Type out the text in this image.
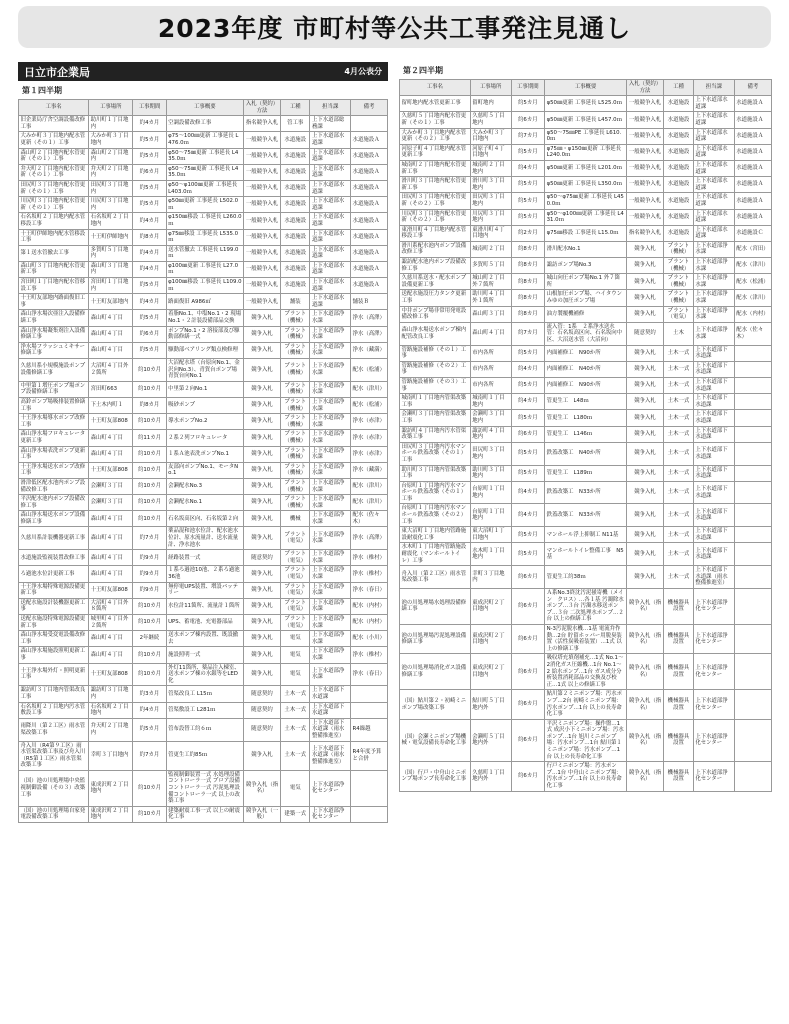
2023年度 市町村等公共工事発注見通し
日立市企業局	4月公表分
第１四半期
工事名	工事場所	工事期間	工事概要	入札（契約）方法	工種	担当課	備考
旧企業局庁舎空調設備改修工事	助川町１丁目地内	約4カ月	空調設備改修工事	指名競争入札	管工事	上下水道部総務課	
大みか町３丁目地内配水管更新（その１）工事	大みか町３丁目地内	約5カ月	φ75～100㎜更新 工事延長 L476.0ｍ	一般競争入札	水道施設	上下水道部水道課	水道施設Ａ
森山町２丁目地内配水管更新（その１）工事	森山町２丁目地内	約5カ月	φ50～75㎜更新 工事延長 L435.0ｍ	一般競争入札	水道施設	上下水道部水道課	水道施設Ａ
弁天町２丁目地内配水管更新（その１）工事	弁天町２丁目地内	約6カ月	φ50～75㎜更新 工事延長 L435.0ｍ	一般競争入札	水道施設	上下水道部水道課	水道施設Ａ
田尻町３丁目地内配水管更新（その１）工事	田尻町３丁目地内	約5カ月	φ50～φ100㎜更新 工事延長 L403.0ｍ	一般競争入札	水道施設	上下水道部水道課	水道施設Ａ
川尻町３丁目地内配水管更新（その１）工事	川尻町３丁目地内	約5カ月	φ50㎜更新 工事延長 L502.0ｍ	一般競争入札	水道施設	上下水道部水道課	水道施設Ａ
石名坂町２丁目地内配水管移設工事	石名坂町２丁目地内	約4カ月	φ150㎜移設 工事延長 L260.0ｍ	一般競争入札	水道施設	上下水道部水道課	水道施設Ａ
十王町伊師地内配水管移設工事	十王町伊師地内	約8カ月	φ75㎜移設 工事延長 L535.0ｍ	一般競争入札	水道施設	上下水道部水道課	水道施設Ａ
第１送水管撤去工事	多賀町５丁目地内	約4カ月	送水管撤去 工事延長 L199.0ｍ	一般競争入札	水道施設	上下水道部水道課	水道施設Ａ
森山町３丁目地内配水管更新工事	森山町３丁目地内	約4カ月	φ100㎜更新 工事延長 L27.0ｍ	一般競争入札	水道施設	上下水道部水道課	水道施設Ａ
宮田町１丁目地内配水管移設工事	宮田町１丁目地内	約5カ月	φ100㎜移設 工事延長 L109.0ｍ	一般競争入札	水道施設	上下水道部水道課	水道施設Ａ
十王町友部地内路面復旧工事	十王町友部地内	約4カ月	路面復旧 A986㎡	一般競争入札	舗装	上下水道部水道課	舗装Ｂ
森山浄水場次亜注入設備修繕工事	森山町４丁目	約5カ月	着脂No.1、中塩No.1・2 現場No.1・２計装設備部品交換	競争入札	プラント（機械）	上下水道部浄水課	浄水（高澤）
森山浄水場凝集剤注入設備修繕工事	森山町４丁目	約6カ月	ポンプNo.1・2 溶接部及び駆動部修繕一式	競争入札	プラント（機械）	上下水道部浄水課	浄水（高澤）
浄水場フラッシュミキサー修繕工事	森山町４丁目	約5カ月	駆動部ベアリング類点検修理	競争入札	プラント（機械）	上下水道部浄水課	浄水（藏満）
久慈川系小規模施設ポンプ設備修繕工事	大沼町４丁目外２箇所	約10カ月	大沼配水塔（台原向No.1、金沢向No.3）、青賀台ポンプ場青賀台向No.1	競争入札	プラント（機械）	上下水道部浄水課	配水（松浦）
中里第１増圧ポンプ場ポンプ設備修繕工事	宮田町663	約10カ月	中里第２向No.1	競争入札	プラント（機械）	上下水道部浄水課	配水（津川）
高鈴ポンプ場吸排装置修繕工事	下土木内町１	約8カ月	吸砂ポンプ	競争入札	プラント（機械）	上下水道部浄水課	配水（松浦）
十王浄水場導水ポンプ改修工事	十王町友部808	約10カ月	導水ポンプNo.2	競争入札	プラント（機械）	上下水道部浄水課	浄水（赤津）
森山浄水場フロキュレータ更新工事	森山町４丁目	約11カ月	２系２列フロキュレータ	競争入札	プラント（機械）	上下水道部浄水課	浄水（赤津）
森山浄水場表洗ポンプ更新工事	森山町４丁目	約10カ月	１系Ａ池表洗ポンプNo.1	競争入札	プラント（機械）	上下水道部浄水課	浄水（赤津）
十王浄水場送水ポンプ改修工事	十王町友部808	約10カ月	友部向ポンプNo.1、モータNo.1	競争入札	プラント（機械）	上下水道部浄水課	浄水（藏満）
滑津低区配水池内ポンプ設備改修工事	会瀬町３丁目	約10カ月	会瀬配水No.3	競争入札	プラント（機械）	上下水道部浄水課	配水（津川）
平沢配水池内ポンプ設備改修工事	会瀬町３丁目	約10カ月	会瀬配水No.1	競争入札	プラント（機械）	上下水道部浄水課	配水（津川）
森山浄水場送水ポンプ設備修繕工事	森山町４丁目	約10カ月	石名坂高区向、石名坂第２向	競争入札	機械	上下水道部浄水課	配水（佐々木）
久慈川系計装機器更新工事	森山町４丁目	約7カ月	薬品混和池水位計、配水池水位計、原水流量計、送水流量計、浄水池水	競争入札	プラント（電気）	上下水道部浄水課	浄水（高澤）
水道施設監視装置改修工事	森山町４丁目	約9カ月	経路装置一式	随意契約	プラント（電気）	上下水道部浄水課	浄水（椎村）
ろ過池水位計更新工事	森山町４丁目	約9カ月	１系ろ過池10池、２系ろ過池36池	競争入札	プラント（電気）	上下水道部浄水課	浄水（椎村）
十王浄水場特殊電源設備更新工事	十王町友部808	約9カ月	無停電UPS装置、増設バッテリー	競争入札	プラント（電気）	上下水道部浄水課	浄水（春日）
送配水施設計装機器更新工事	大沼町４丁目外８箇所	約10カ月	水位計11箇所、流量計１箇所	競争入札	プラント（電気）	上下水道部浄水課	配水（内村）
送配水施設特殊電源設備更新工事	城里町４丁目外２箇所	約10カ月	UPS、蓄電池、充電器部品	競争入札	プラント（電気）	上下水道部浄水課	配水（内村）
森山浄水場受変電設備改修工事	森山町４丁目	2年継続	送水ポンプ棟内設置、既設撤去	競争入札	電気	上下水道部浄水課	配水（小川）
森山浄水場施設照明更新工事	森山町４丁目	約10カ月	施設照明一式	競争入札	電気	上下水道部浄水課	浄水（椎村）
十王浄水場外灯・照明更新工事	十王町友部808	約10カ月	外灯11箇所、薬品注入棟室、送水ポンプ棟の水銀等をLED化	競争入札	電気	上下水道部浄水課	浄水（春日）
諏訪町３丁目地内管渠改良工事	諏訪町３丁目地内	約3カ月	管渠改良工 L15ｍ	随意契約	土木一式	上下水道部下水道課	
石名坂町２丁目地内汚水管敷設工事	石名坂町２丁目地内	約4カ月	管渠敷設工 L281ｍ	随意契約	土木一式	上下水道部下水道課	
雨降川（第２工区）雨水管渠改築工事	弁天町２丁目地内	約5カ月	管布設替工約６ｍ	随意契約	土木一式	上下水道部下水道課（雨水整備推進室）	R4繰越
舟入川（R4第９工区）雨水管渠改築工事及び舟入川（R5第１工区）雨水管渠改築工事	幸町３丁目地内	約7カ月	管更生工約85ｍ	競争入札	土木一式	上下水道部下水道課（雨水整備推進室）	R4年度予算と合併
（国）池の川処理場中央監視制御設備（その３）改築工事	東成沢町２丁目地内	約10カ月	監視制御装置一式 水処理設備コントローラ一式 プロア設備コントローラ一式 汚泥処理設備コントローラ一式 以上の改築工事	競争入札（指名）	電気	上下水道部浄化センター	
（国）池の川処理場自家発電設備改築工事	東成沢町２丁目地内	約10カ月	建築耐震工事一式 以上の耐震化工事	競争入札（一般）	建築一式	上下水道部浄化センター	
第２四半期
工事名	工事場所	工事期間	工事概要	入札（契約）方法	工種	担当課	備考
留町地内配水管更新工事	留町地内	約5カ月	φ50㎜更新 工事延長 L525.0ｍ	一般競争入札	水道施設	上下水道部水道課	水道施設Ａ
久慈町５丁目地内配水管更新（その１）工事	久慈町５丁目地内	約6カ月	φ50㎜更新 工事延長 L457.0ｍ	一般競争入札	水道施設	上下水道部水道課	水道施設Ａ
大みか町３丁目地内配水管更新（その２）工事	大みか町３丁目地内	約7カ月	φ50～75㎜PE 工事延長 L610.0ｍ	一般競争入札	水道施設	上下水道部水道課	水道施設Ａ
河原子町４丁目地内配水管更新工事	河原子町４丁目地内	約5カ月	φ75㎜・φ150㎜更新 工事延長 L240.0ｍ	一般競争入札	水道施設	上下水道部水道課	水道施設Ａ
城南町２丁目地内配水管更新工事	城南町２丁目地内	約4カ月	φ50㎜更新 工事延長 L201.0ｍ	一般競争入札	水道施設	上下水道部水道課	水道施設Ａ
滑川町３丁目地内配水管更新工事	滑川町３丁目地内	約5カ月	φ50㎜更新 工事延長 L350.0ｍ	一般競争入札	水道施設	上下水道部水道課	水道施設Ａ
田尻町３丁目地内配水管更新（その２）工事	田尻町３丁目地内	約5カ月	φ50～φ75㎜更新 工事延長 L450.0ｍ	一般競争入札	水道施設	上下水道部水道課	水道施設Ａ
川尻町３丁目地内配水管更新（その２）工事	川尻町３丁目地内	約5カ月	φ50～φ100㎜更新 工事延長 L431.0ｍ	一般競争入札	水道施設	上下水道部水道課	水道施設Ａ
東滑川町４丁目地内配水管移設工事	東滑川町４丁目地内	約2カ月	φ75㎜移設 工事延長 L15.0ｍ	指名競争入札	水道施設	上下水道部水道課	水道施設Ｃ
滑川系配水池内ポンプ設備改修工事	城南町２丁目	約8カ月	滑川配水No.1	競争入札	プラント（機械）	上下水道部浄水課	配水（宮田）
諏訪配水池内ポンプ設備改修工事	多賀町５丁目	約8カ月	諏訪ポンプ場No.3	競争入札	プラント（機械）	上下水道部浄水課	配水（津川）
久慈川系送水・配水ポンプ設備更新工事	城山町２丁目外７箇所	約8カ月	城山向圧ポンプ場No.1 外７箇所	競争入札	プラント（機械）	上下水道部浄水課	配水（松浦）
送配水施設圧力タンク更新工事	助川町４丁目外１箇所	約8カ月	山根加圧ポンプ場、ハイタウンみゆの加圧ポンプ場	競争入札	プラント（機械）	上下水道部浄水課	配水（津川）
中井ポンプ場非常用発電設備改修工事	森山町３丁目	約8カ月	油方製覆機補修	競争入札	プラント（電気）	上下水道部浄水課	配水（内村）
森山浄水場送水ポンプ棟内配管改良工事	森山町４丁目	約7カ月	流入管：1系　２系浄水送水管：石名坂高区向、石名坂向中区、大沼送水管（大沼向）	随意契約	土木	上下水道部浄水課	配水（佐々木）
管路施設補修（その１）工事	市内各所	約5カ月	内面補修工　N90か所	競争入札	土木一式	上下水道部下水道課	
管路施設補修（その２）工事	市内各所	約4カ月	内面補修工　N40か所	競争入札	土木一式	上下水道部下水道課	
管路施設補修（その３）工事	市内各所	約5カ月	内面補修工　N90か所	競争入札	土木一式	上下水道部下水道課	
城南町１丁目地内管渠改築工事	城南町１丁目地内	約4カ月	管更生工　L48ｍ	競争入札	土木一式	上下水道部下水道課	
会瀬町３丁目地内管渠改築工事	会瀬町３丁目地内	約5カ月	管更生工　L180ｍ	競争入札	土木一式	上下水道部下水道課	
諏訪町４丁目地内汚水管渠改築工事	諏訪町４丁目地内	約6カ月	管更生工　L146ｍ	競争入札	土木一式	上下水道部下水道課	
田尻町３丁目地内汚水マンホール鉄蓋改築（その１）工事	田尻町３丁目地内	約5カ月	鉄蓋改築工　N40か所	競争入札	土木一式	上下水道部下水道課	
助川町３丁目地内管渠改築工事	助川町３丁目地内	約5カ月	管更生工　L189ｍ	競争入札	土木一式	上下水道部下水道課	
台原町１丁目地内汚水マンホール鉄蓋改築（その１）工事	台原町１丁目地内	約4カ月	鉄蓋改築工　N33か所	競争入札	土木一式	上下水道部下水道課	
台原町１丁目地内汚水マンホール鉄蓋改築（その２）工事	台原町１丁目地内	約4カ月	鉄蓋改築工　N33か所	競争入札	土木一式	上下水道部下水道課	
東大沼町１丁目地内管路施設耐震化工事	東大沼町１丁目地内	約5カ月	マンホール浮上抑制工 N11基	競争入札	土木一式	上下水道部下水道課	
水木町１丁目地内管路施設耐震化（マンホールトイレ）工事	水木町１丁目地内	約5カ月	マンホールトイレ整備工事　N5基	競争入札	土木一式	上下水道部下水道課	
舟入川（第２工区）雨水管渠改築工事	幸町３丁目地内	約6カ月	管更生工約38ｍ	競争入札	土木一式	上下水道部下水道課（雨水整備推進室）	
池の川処理場水処理設備修繕工事	東成沢町２丁目地内	約6カ月	Ａ系No.3終沈汚泥掻寄機（メイン　クロス）…各１基 汚濁除水ポンプ…３台 汚濁水移送ポンプ…３台 二次処理水ポンプ…２台 以上の修繕工事	競争入札（指名）	機械器具設置	上下水道部浄化センター	
池の川処理場汚泥処理設備修繕工事	東成沢町２丁目地内	約6カ月	N-3汚泥脱水機…1基 電流弁作動…2台 貯留ホッパー用脱臭装置（活性炭吸着装置）…1式 以上の修繕工事	競争入札（指名）	機械器具設置	上下水道部浄化センター	
池の川処理場消化ガス設備修繕工事	東成沢町２丁目地内	約6カ月	吸収塔充填剤補充…1式 No.1～2消化ガス圧縮機…1台 No.1～2 給水ポンプ…1台 ガス成分分析装置消耗部品の交換及び校正…1式 以上の修繕工事	競争入札（指名）	機械器具設置	上下水道部浄化センター	
（国）鮎川第２・初崎ミニポンプ場改築工事	鮎川町５丁目地内外	約6カ月	鮎川第２ミニポンプ場：汚水ポンプ…2台 初崎ミニポンプ場：汚水ポンプ…1台 以上の長寿命化工事	競争入札（指名）	機械器具設置	上下水道部浄化センター	
（国）会瀬ミニポンプ場機械・電気設備長寿命化工事	会瀬町５丁目地内外	約6カ月	平沢ミニポンプ場：操作盤…1式 成沢小下ミニポンプ場：汚水ポンプ…1台 旭川ミニポンプ場：汚水ポンプ…1台 鮎川第１ミニポンプ場：汚水ポンプ…1台 以上の長寿命化工事	競争入札（指名）	機械器具設置	上下水道部浄化センター	
（国）行戸・中舟山ミニポンプ場ポンプ長寿命化工事	久慈町１丁目地内外	約6カ月	行戸ミニポンプ場：汚水ポンプ…1台 中舟山ミニポンプ場：汚水ポンプ…1台 以上の長寿命化工事	競争入札（指名）	機械器具設置	上下水道部浄化センター	
